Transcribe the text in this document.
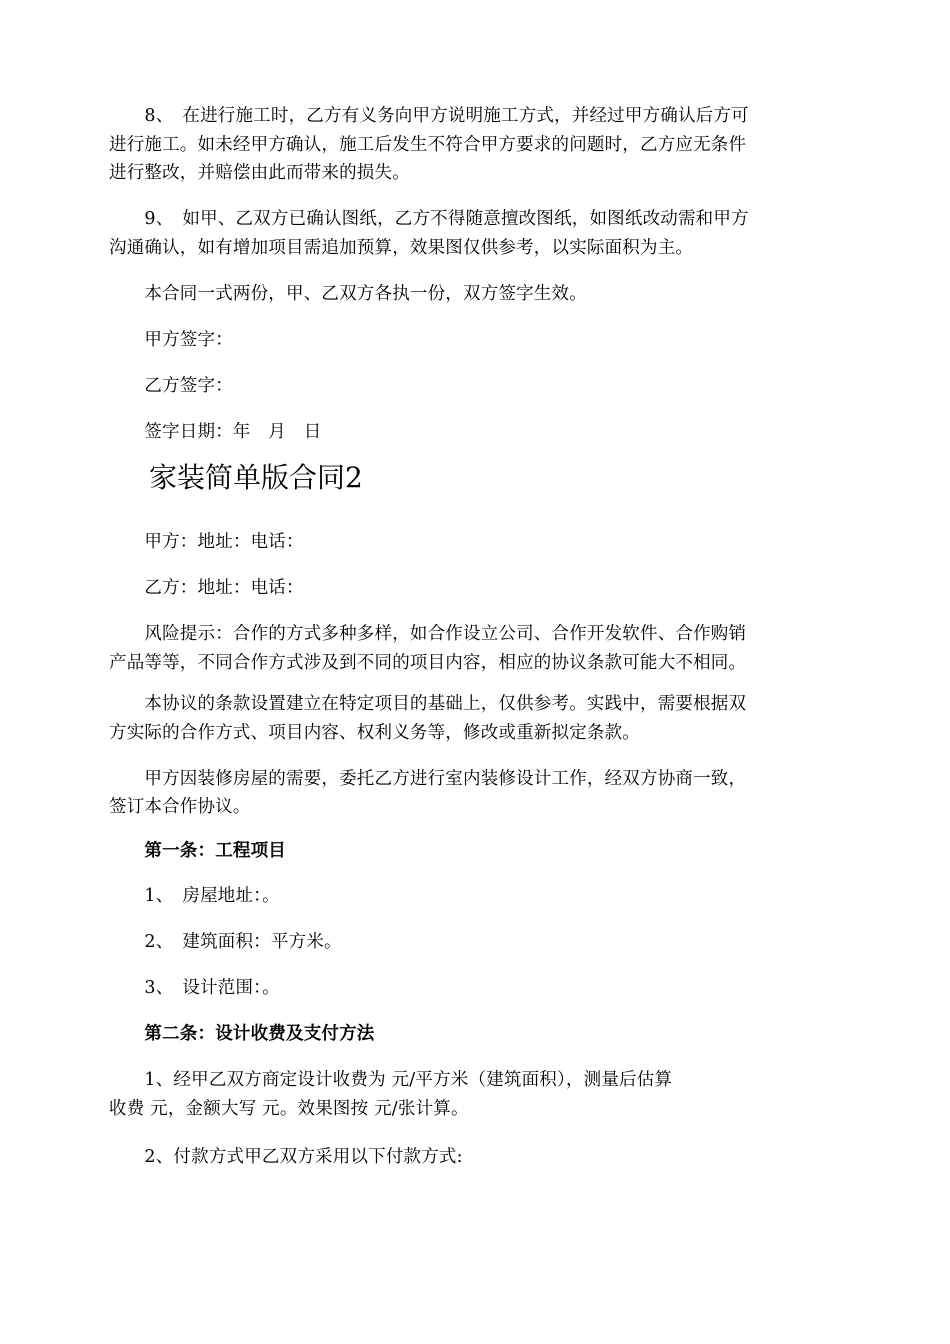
　　8、　在进行施工时，乙方有义务向甲方说明施工方式，并经过甲方确认后方可
进行施工。如未经甲方确认，施工后发生不符合甲方要求的问题时，乙方应无条件
进行整改，并赔偿由此而带来的损失。
　　9、　如甲、乙双方已确认图纸，乙方不得随意擅改图纸，如图纸改动需和甲方
沟通确认，如有增加项目需追加预算，效果图仅供参考，以实际面积为主。
　　本合同一式两份，甲、乙双方各执一份，双方签字生效。
　　甲方签字：
　　乙方签字：
　　签字日期：年　月　日
家装简单版合同2
　　甲方：地址：电话：
　　乙方：地址：电话：
　　风险提示：合作的方式多种多样，如合作设立公司、合作开发软件、合作购销
产品等等，不同合作方式涉及到不同的项目内容，相应的协议条款可能大不相同。
　　本协议的条款设置建立在特定项目的基础上，仅供参考。实践中，需要根据双
方实际的合作方式、项目内容、权利义务等，修改或重新拟定条款。
　　甲方因装修房屋的需要，委托乙方进行室内装修设计工作，经双方协商一致，
签订本合作协议。
　　第一条：工程项目
　　1、　房屋地址：。
　　2、　建筑面积：平方米。
　　3、　设计范围：。
　　第二条：设计收费及支付方法
　　1、经甲乙双方商定设计收费为 元/平方米（建筑面积），测量后估算
收费 元，金额大写 元。效果图按 元/张计算。
　　2、付款方式甲乙双方采用以下付款方式:
